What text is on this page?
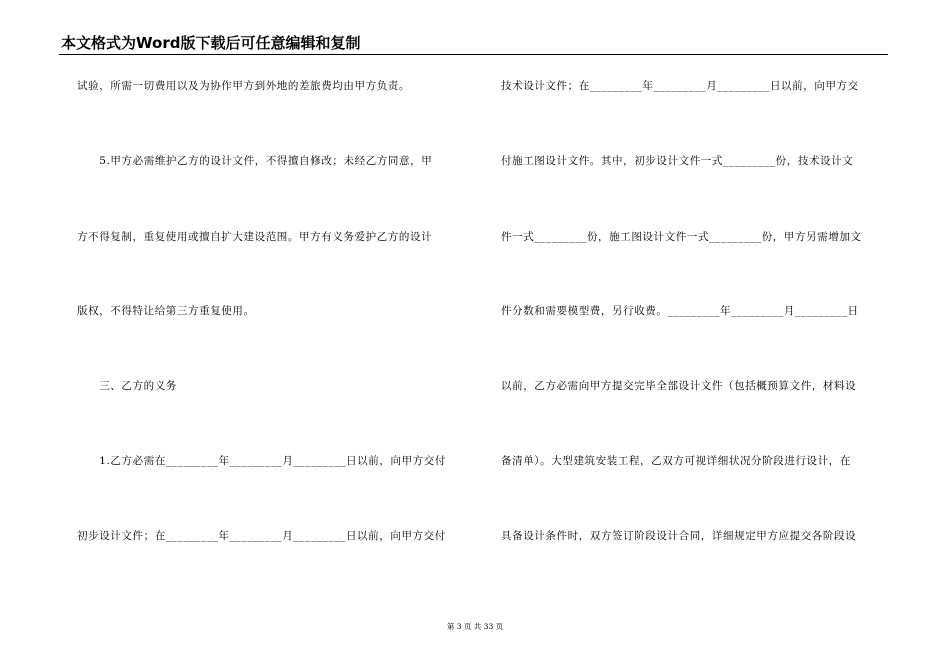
本文格式为Word版下载后可任意编辑和复制
试验，所需一切费用以及为协作甲方到外地的差旅费均由甲方负责。
　　5.甲方必需维护乙方的设计文件，不得擅自修改；未经乙方同意，甲
方不得复制，重复使用或擅自扩大建设范围。甲方有义务爱护乙方的设计
版权，不得特让给第三方重复使用。
　　三、乙方的义务
　　1.乙方必需在_________年_________月_________日以前，向甲方交付
初步设计文件；在_________年_________月_________日以前，向甲方交付
技术设计文件；在_________年_________月_________日以前，向甲方交
付施工图设计文件。其中，初步设计文件一式_________份，技术设计文
件一式_________份，施工图设计文件一式_________份，甲方另需增加文
件分数和需要模型费，另行收费。_________年_________月_________日
以前，乙方必需向甲方提交完毕全部设计文件（包括概预算文件，材料设
备清单）。大型建筑安装工程，乙双方可视详细状况分阶段进行设计，在
具备设计条件时，双方签订阶段设计合同，详细规定甲方应提交各阶段设
第 3 页 共 33 页
